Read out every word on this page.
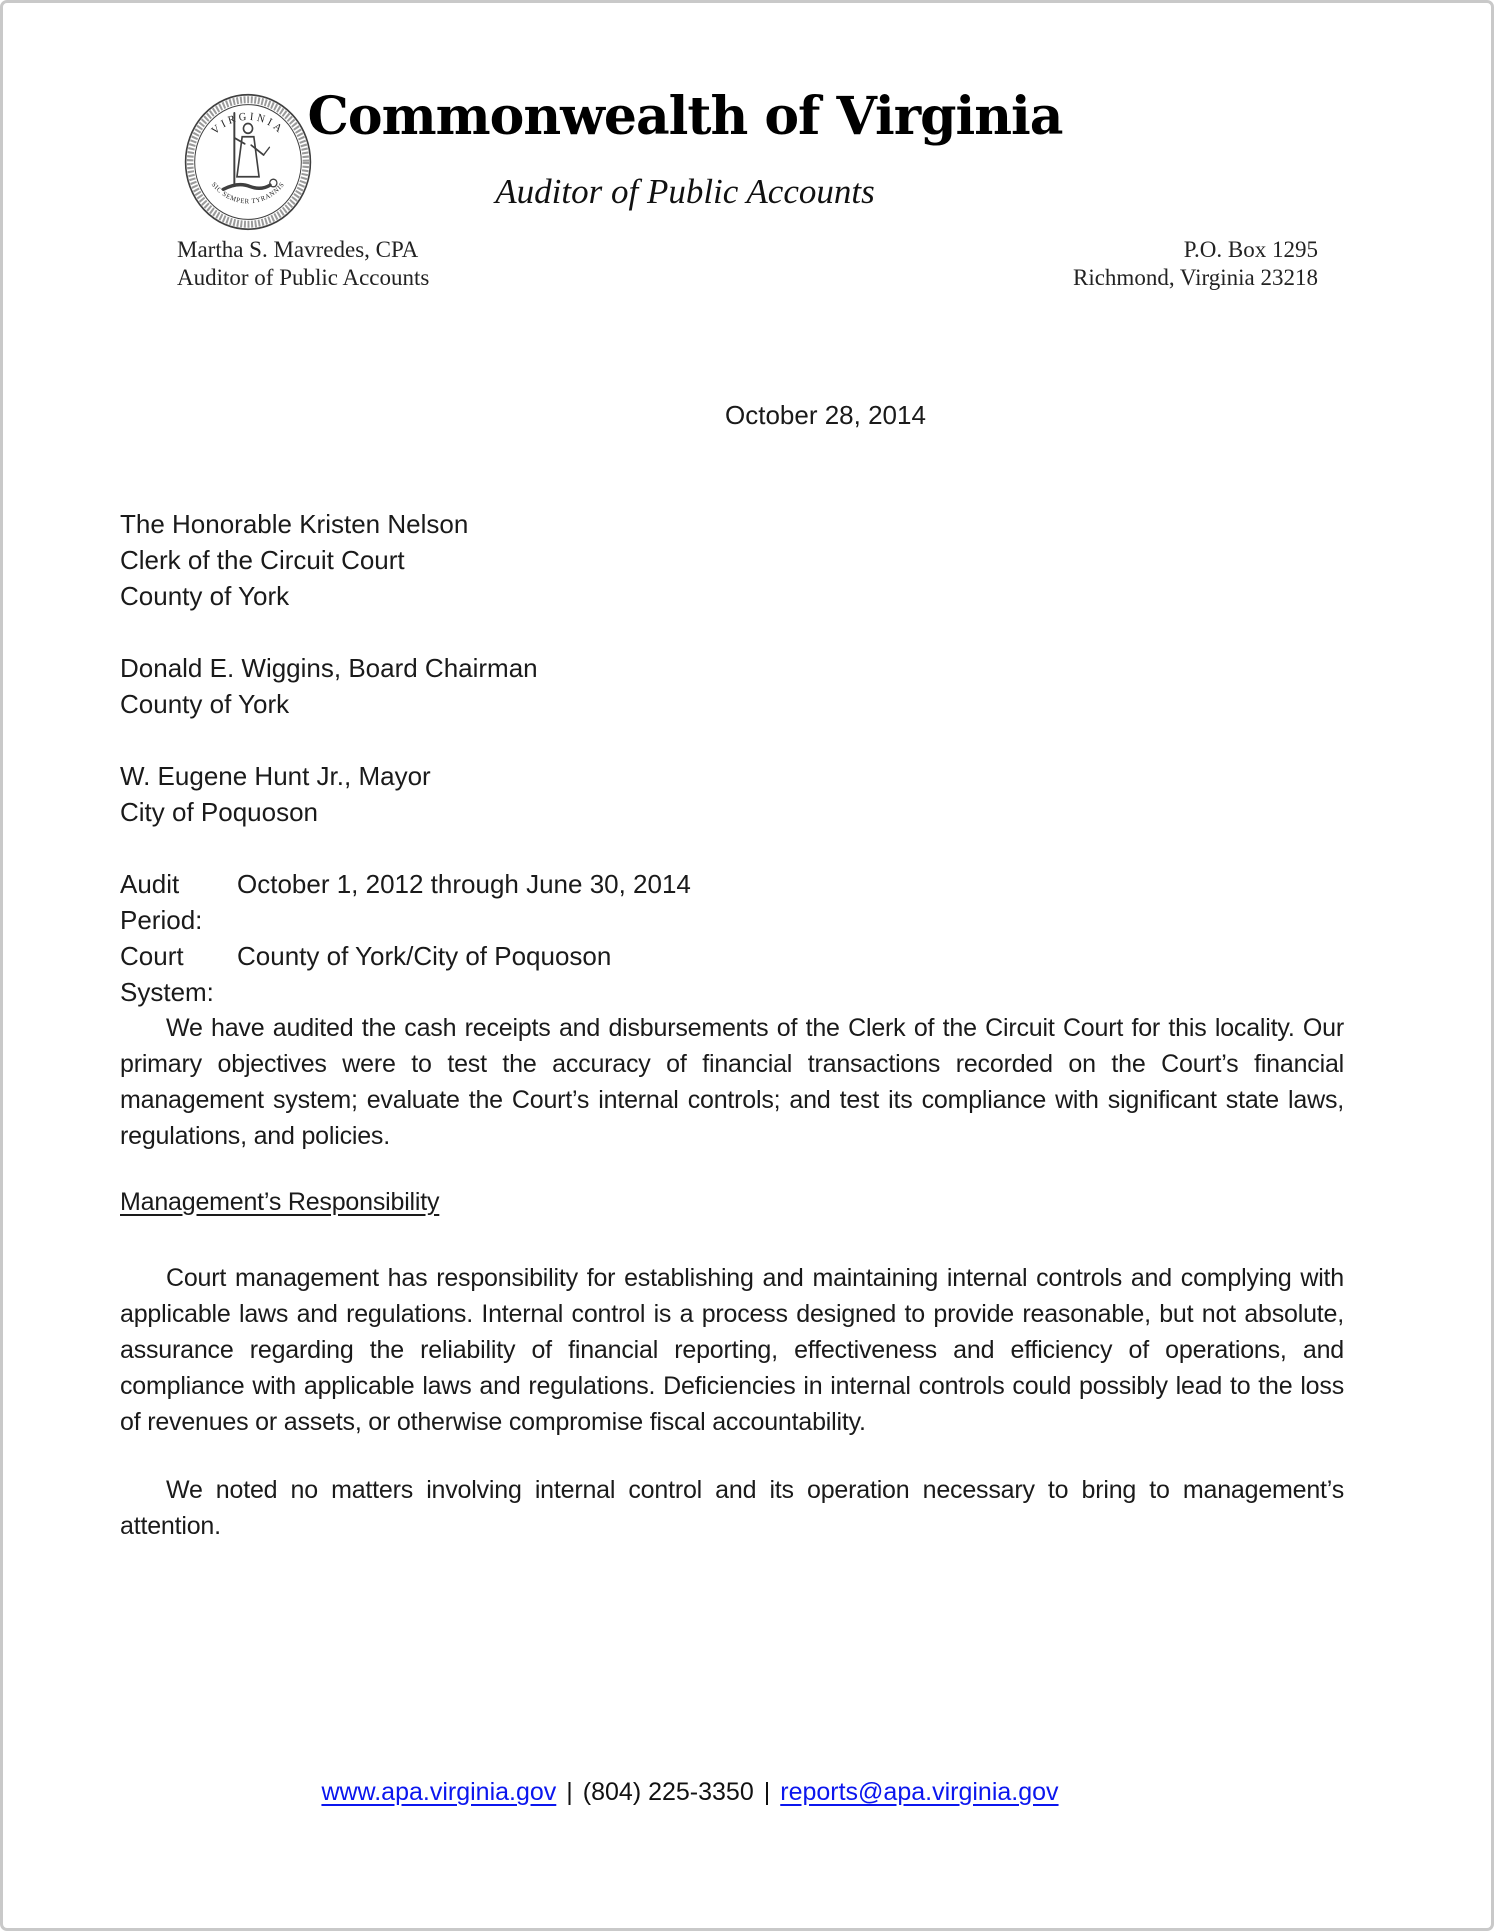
VIRGINIA
SIC SEMPER TYRANNIS
Commonwealth of Virginia
Auditor of Public Accounts
Martha S. Mavredes, CPA
Auditor of Public Accounts
P.O. Box 1295
Richmond, Virginia 23218
October 28, 2014
The Honorable Kristen Nelson
Clerk of the Circuit Court
County of York
Donald E. Wiggins, Board Chairman
County of York
W. Eugene Hunt Jr., Mayor
City of Poquoson
Audit Period:
October 1, 2012 through June 30, 2014
Court System:
County of York/City of Poquoson

We have audited the cash receipts and disbursements of the Clerk of the Circuit Court for this locality. Our primary objectives were to test the accuracy of financial transactions recorded on the Court’s financial management system; evaluate the Court’s internal controls; and test its compliance with significant state laws, regulations, and policies.

Management’s Responsibility

Court management has responsibility for establishing and maintaining internal controls and complying with applicable laws and regulations. Internal control is a process designed to provide reasonable, but not absolute, assurance regarding the reliability of financial reporting, effectiveness and efficiency of operations, and compliance with applicable laws and regulations. Deficiencies in internal controls could possibly lead to the loss of revenues or assets, or otherwise compromise fiscal accountability.

We noted no matters involving internal control and its operation necessary to bring to management’s attention.

www.apa.virginia.gov | (804) 225-3350 | reports@apa.virginia.gov
